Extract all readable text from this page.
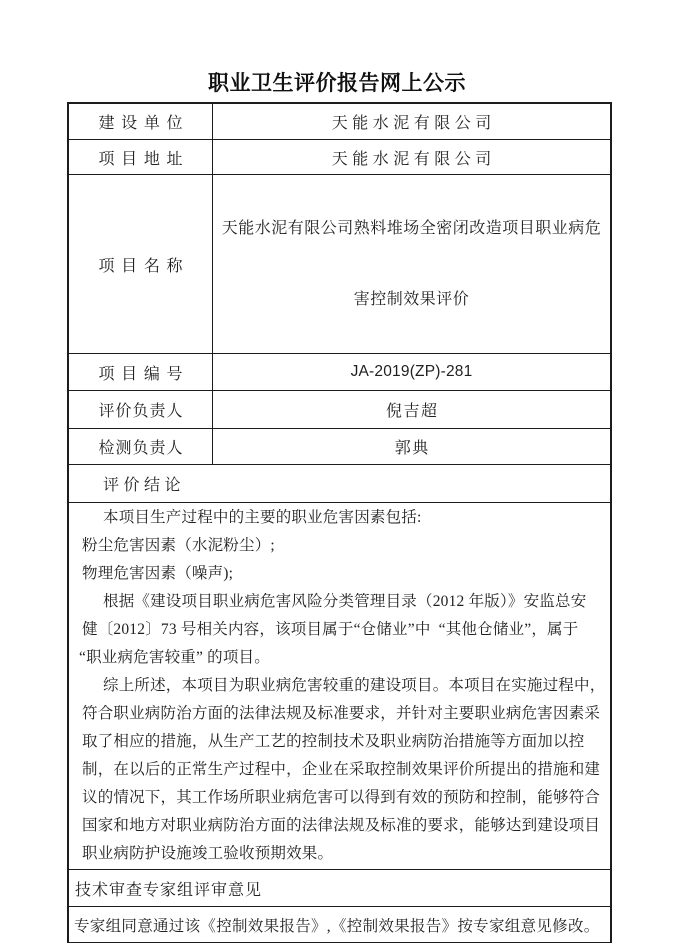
职业卫生评价报告网上公示
建设单位	天能水泥有限公司
项目地址	天能水泥有限公司
项目名称	天能水泥有限公司熟料堆场全密闭改造项目职业病危

害控制效果评价

项目编号	JA-2019(ZP)-281
评价负责人	倪吉超
检测负责人	郭典
评价结论	

本项目生产过程中的主要的职业危害因素包括:
粉尘危害因素（水泥粉尘）;
物理危害因素（噪声);
根据《建设项目职业病危害风险分类管理目录（2012 年版）》安监总安
健〔2012〕73 号相关内容，该项目属于“仓储业”中  “其他仓储业”，属于
“职业病危害较重” 的项目。
综上所述，本项目为职业病危害较重的建设项目。本项目在实施过程中，
符合职业病防治方面的法律法规及标准要求，并针对主要职业病危害因素采
取了相应的措施，从生产工艺的控制技术及职业病防治措施等方面加以控
制，在以后的正常生产过程中，企业在采取控制效果评价所提出的措施和建
议的情况下，其工作场所职业病危害可以得到有效的预防和控制，能够符合
国家和地方对职业病防治方面的法律法规及标准的要求，能够达到建设项目
职业病防护设施竣工验收预期效果。

技术审查专家组评审意见	
专家组同意通过该《控制效果报告》,《控制效果报告》按专家组意见修改。	
